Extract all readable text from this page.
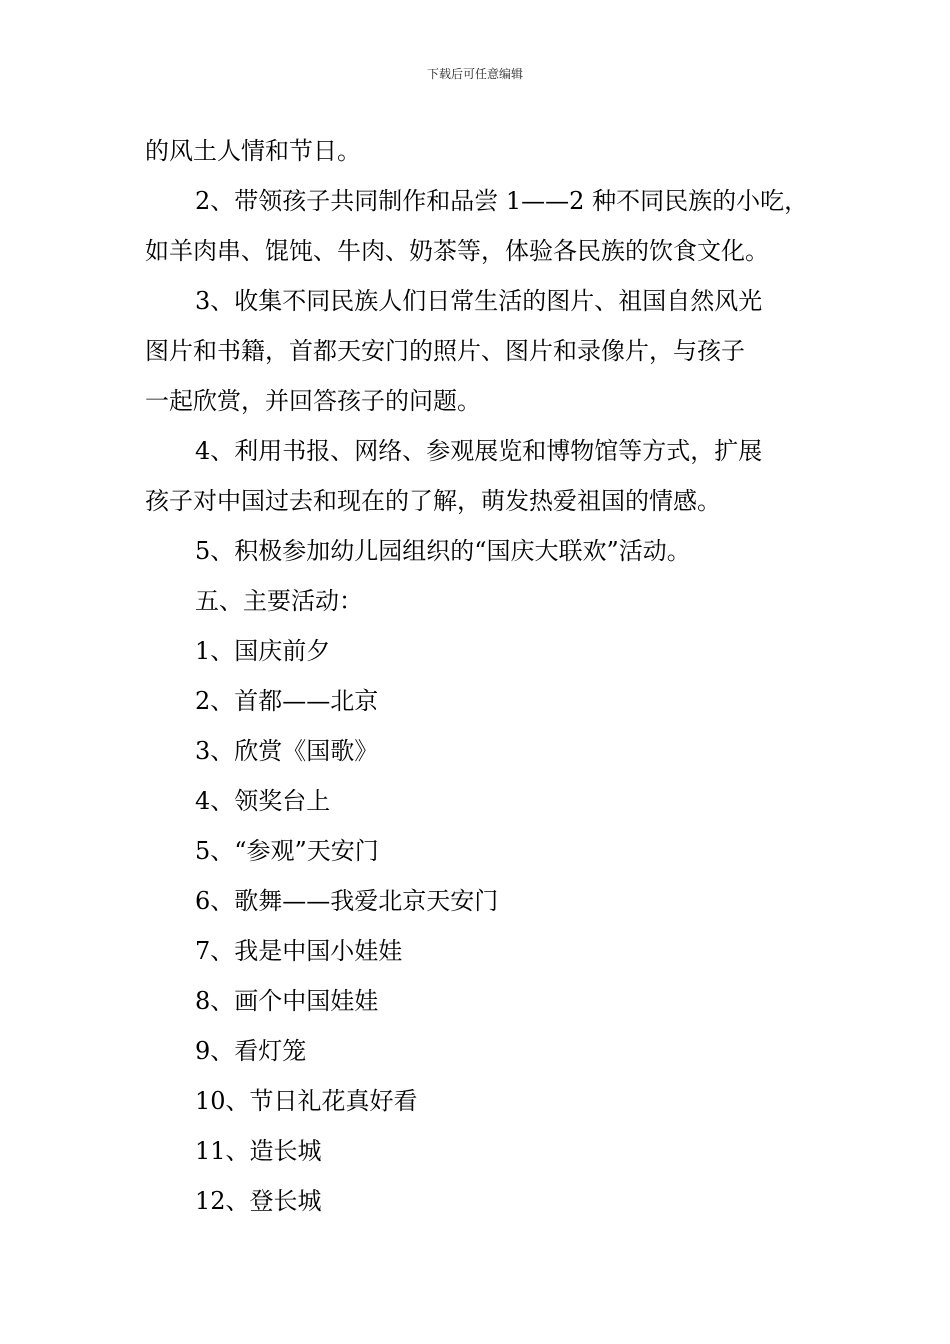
下载后可任意编辑
的风土人情和节日。
2、带领孩子共同制作和品尝 1——2 种不同民族的小吃，
如羊肉串、馄饨、牛肉、奶茶等，体验各民族的饮食文化。
3、收集不同民族人们日常生活的图片、祖国自然风光
图片和书籍，首都天安门的照片、图片和录像片，与孩子
一起欣赏，并回答孩子的问题。
4、利用书报、网络、参观展览和博物馆等方式，扩展
孩子对中国过去和现在的了解，萌发热爱祖国的情感。
5、积极参加幼儿园组织的“国庆大联欢”活动。
五、主要活动：
1、国庆前夕
2、首都——北京
3、欣赏《国歌》
4、领奖台上
5、“参观”天安门
6、歌舞——我爱北京天安门
7、我是中国小娃娃
8、画个中国娃娃
9、看灯笼
10、节日礼花真好看
11、造长城
12、登长城
